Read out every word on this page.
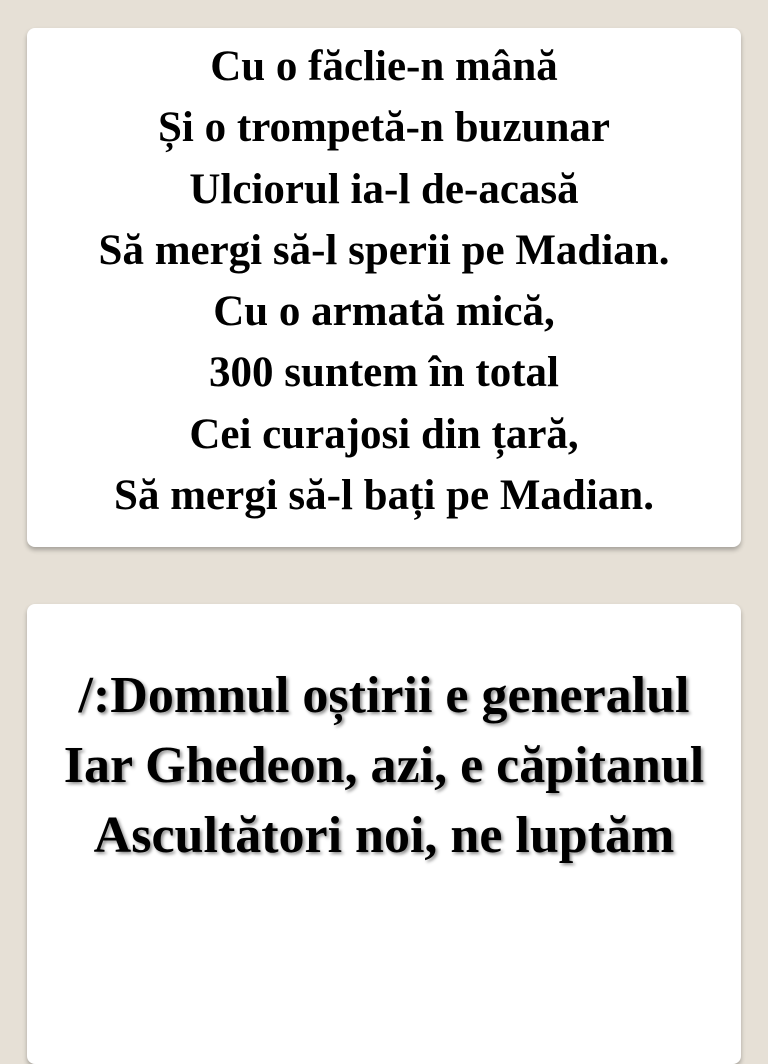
Cu o făclie-n mână
Și o trompetă-n buzunar
Ulciorul ia-l de-acasă
Să mergi să-l sperii pe Madian.
Cu o armată mică,
300 suntem în total
Cei curajosi din țară,
Să mergi să-l bați pe Madian.
/:Domnul oștirii e generalul
Iar Ghedeon, azi, e căpitanul
Ascultători noi, ne luptăm
